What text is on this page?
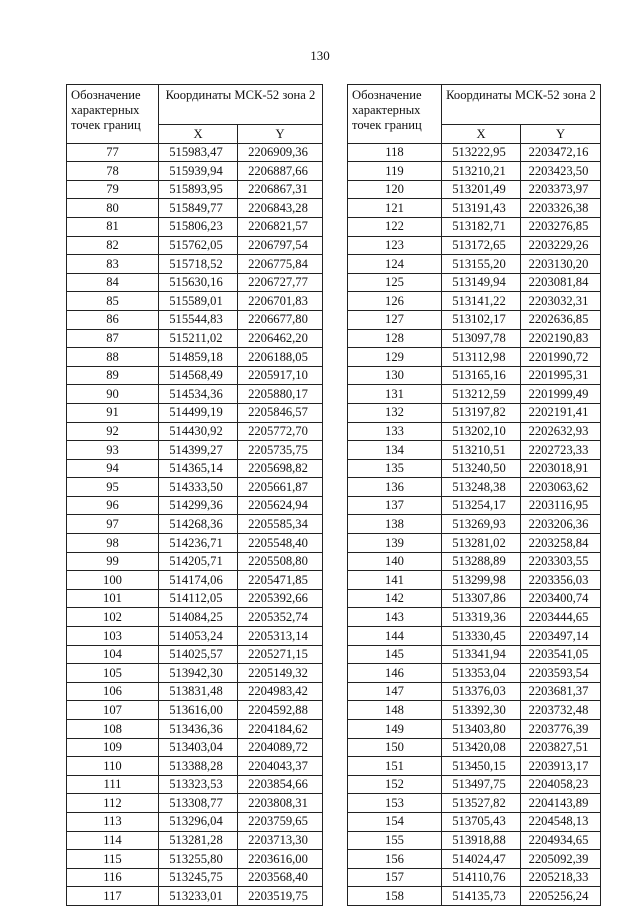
130
Обозначение характерных точек границ	Координаты МСК-52 зона 2	
	X	Y
77	515983,47	2206909,36
78	515939,94	2206887,66
79	515893,95	2206867,31
80	515849,77	2206843,28
81	515806,23	2206821,57
82	515762,05	2206797,54
83	515718,52	2206775,84
84	515630,16	2206727,77
85	515589,01	2206701,83
86	515544,83	2206677,80
87	515211,02	2206462,20
88	514859,18	2206188,05
89	514568,49	2205917,10
90	514534,36	2205880,17
91	514499,19	2205846,57
92	514430,92	2205772,70
93	514399,27	2205735,75
94	514365,14	2205698,82
95	514333,50	2205661,87
96	514299,36	2205624,94
97	514268,36	2205585,34
98	514236,71	2205548,40
99	514205,71	2205508,80
100	514174,06	2205471,85
101	514112,05	2205392,66
102	514084,25	2205352,74
103	514053,24	2205313,14
104	514025,57	2205271,15
105	513942,30	2205149,32
106	513831,48	2204983,42
107	513616,00	2204592,88
108	513436,36	2204184,62
109	513403,04	2204089,72
110	513388,28	2204043,37
111	513323,53	2203854,66
112	513308,77	2203808,31
113	513296,04	2203759,65
114	513281,28	2203713,30
115	513255,80	2203616,00
116	513245,75	2203568,40
117	513233,01	2203519,75
Обозначение характерных точек границ	Координаты МСК-52 зона 2	
	X	Y
118	513222,95	2203472,16
119	513210,21	2203423,50
120	513201,49	2203373,97
121	513191,43	2203326,38
122	513182,71	2203276,85
123	513172,65	2203229,26
124	513155,20	2203130,20
125	513149,94	2203081,84
126	513141,22	2203032,31
127	513102,17	2202636,85
128	513097,78	2202190,83
129	513112,98	2201990,72
130	513165,16	2201995,31
131	513212,59	2201999,49
132	513197,82	2202191,41
133	513202,10	2202632,93
134	513210,51	2202723,33
135	513240,50	2203018,91
136	513248,38	2203063,62
137	513254,17	2203116,95
138	513269,93	2203206,36
139	513281,02	2203258,84
140	513288,89	2203303,55
141	513299,98	2203356,03
142	513307,86	2203400,74
143	513319,36	2203444,65
144	513330,45	2203497,14
145	513341,94	2203541,05
146	513353,04	2203593,54
147	513376,03	2203681,37
148	513392,30	2203732,48
149	513403,80	2203776,39
150	513420,08	2203827,51
151	513450,15	2203913,17
152	513497,75	2204058,23
153	513527,82	2204143,89
154	513705,43	2204548,13
155	513918,88	2204934,65
156	514024,47	2205092,39
157	514110,76	2205218,33
158	514135,73	2205256,24
